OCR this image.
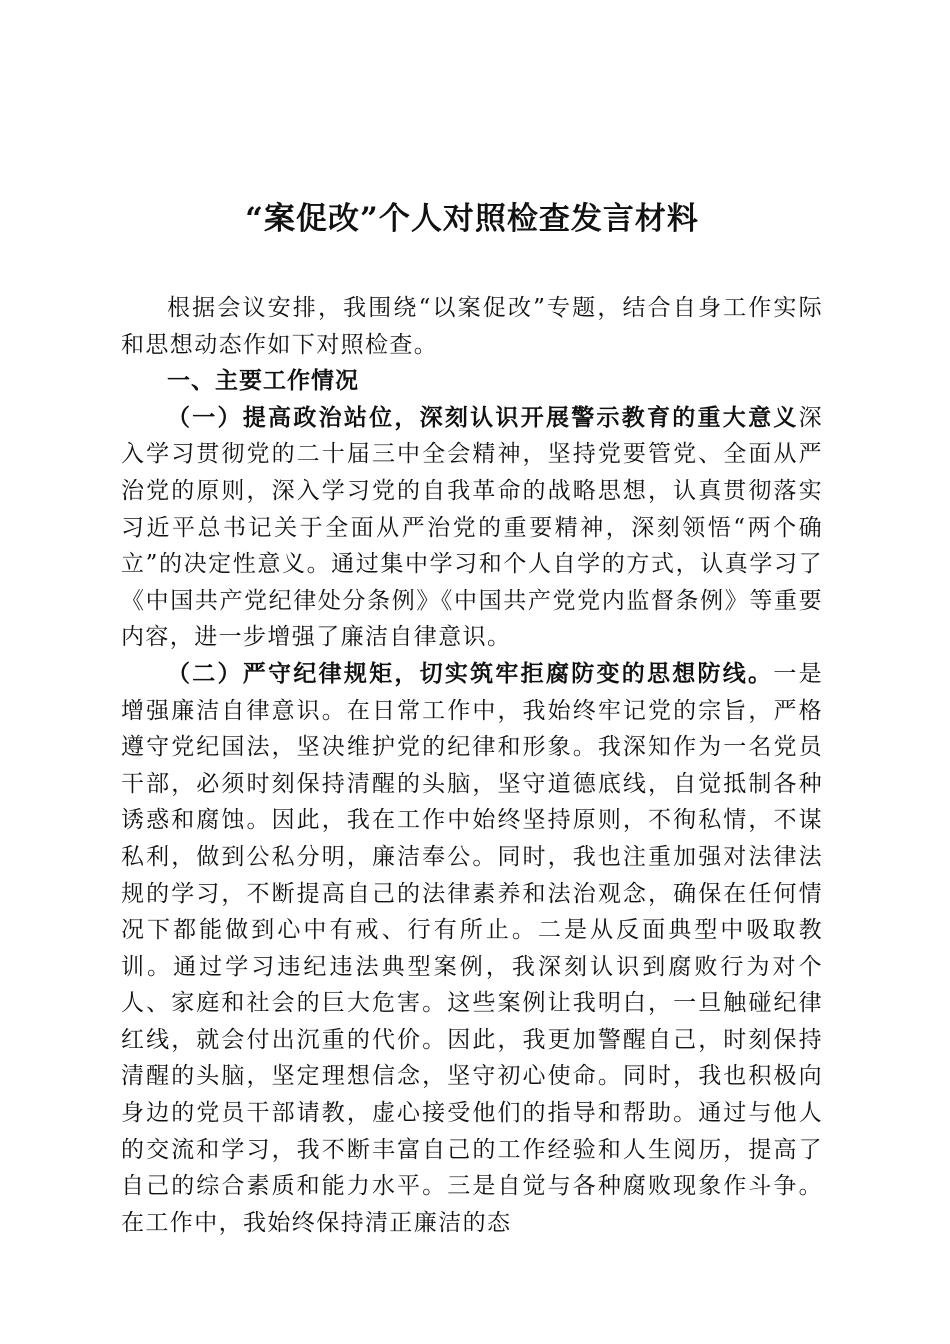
“案促改”个人对照检查发言材料

根据会议安排，我围绕“以案促改”专题，结合自身工作实际和思想动态作如下对照检查。

一、主要工作情况

（一）提高政治站位，深刻认识开展警示教育的重大意义深入学习贯彻党的二十届三中全会精神，坚持党要管党、全面从严治党的原则，深入学习党的自我革命的战略思想，认真贯彻落实习近平总书记关于全面从严治党的重要精神，深刻领悟“两个确立”的决定性意义。通过集中学习和个人自学的方式，认真学习了《中国共产党纪律处分条例》《中国共产党党内监督条例》等重要内容，进一步增强了廉洁自律意识。

（二）严守纪律规矩，切实筑牢拒腐防变的思想防线。一是增强廉洁自律意识。在日常工作中，我始终牢记党的宗旨，严格遵守党纪国法，坚决维护党的纪律和形象。我深知作为一名党员干部，必须时刻保持清醒的头脑，坚守道德底线，自觉抵制各种诱惑和腐蚀。因此，我在工作中始终坚持原则，不徇私情，不谋私利，做到公私分明，廉洁奉公。同时，我也注重加强对法律法规的学习，不断提高自己的法律素养和法治观念，确保在任何情况下都能做到心中有戒、行有所止。二是从反面典型中吸取教训。通过学习违纪违法典型案例，我深刻认识到腐败行为对个人、家庭和社会的巨大危害。这些案例让我明白，一旦触碰纪律红线，就会付出沉重的代价。因此，我更加警醒自己，时刻保持清醒的头脑，坚定理想信念，坚守初心使命。同时，我也积极向身边的党员干部请教，虚心接受他们的指导和帮助。通过与他人的交流和学习，我不断丰富自己的工作经验和人生阅历，提高了自己的综合素质和能力水平。三是自觉与各种腐败现象作斗争。在工作中，我始终保持清正廉洁的态
